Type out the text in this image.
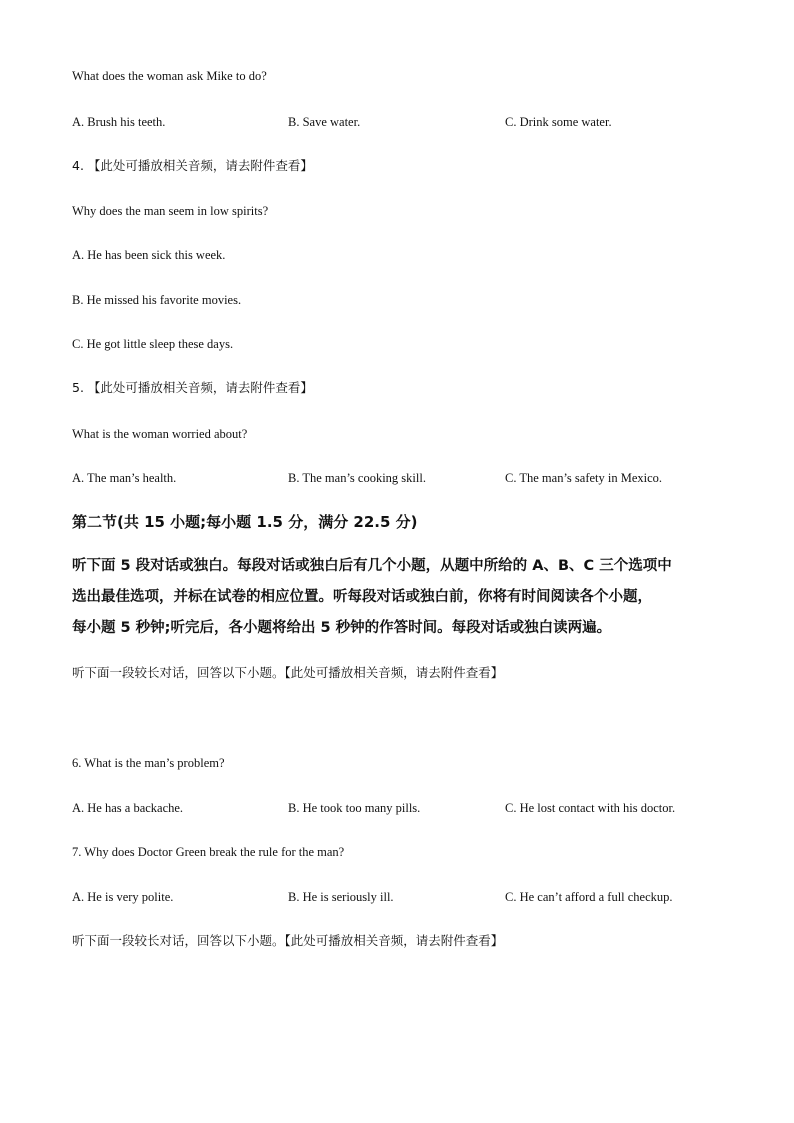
What does the woman ask Mike to do?
A. Brush his teeth.	B. Save water.	C. Drink some water.
4. 【此处可播放相关音频，请去附件查看】
Why does the man seem in low spirits?
A. He has been sick this week.
B. He missed his favorite movies.
C. He got little sleep these days.
5. 【此处可播放相关音频，请去附件查看】
What is the woman worried about?
A. The man’s health.	B. The man’s cooking skill.	C. The man’s safety in Mexico.
第二节(共 15 小题;每小题 1.5 分，满分 22.5 分)
听下面 5 段对话或独白。每段对话或独白后有几个小题，从题中所给的 A、B、C 三个选项中
选出最佳选项，并标在试卷的相应位置。听每段对话或独白前，你将有时间阅读各个小题，
每小题 5 秒钟;听完后，各小题将给出 5 秒钟的作答时间。每段对话或独白读两遍。
听下面一段较长对话，回答以下小题。【此处可播放相关音频，请去附件查看】
6. What is the man’s problem?
A. He has a backache.	B. He took too many pills.	C. He lost contact with his doctor.
7. Why does Doctor Green break the rule for the man?
A. He is very polite.	B. He is seriously ill.	C. He can’t afford a full checkup.
听下面一段较长对话，回答以下小题。【此处可播放相关音频，请去附件查看】
